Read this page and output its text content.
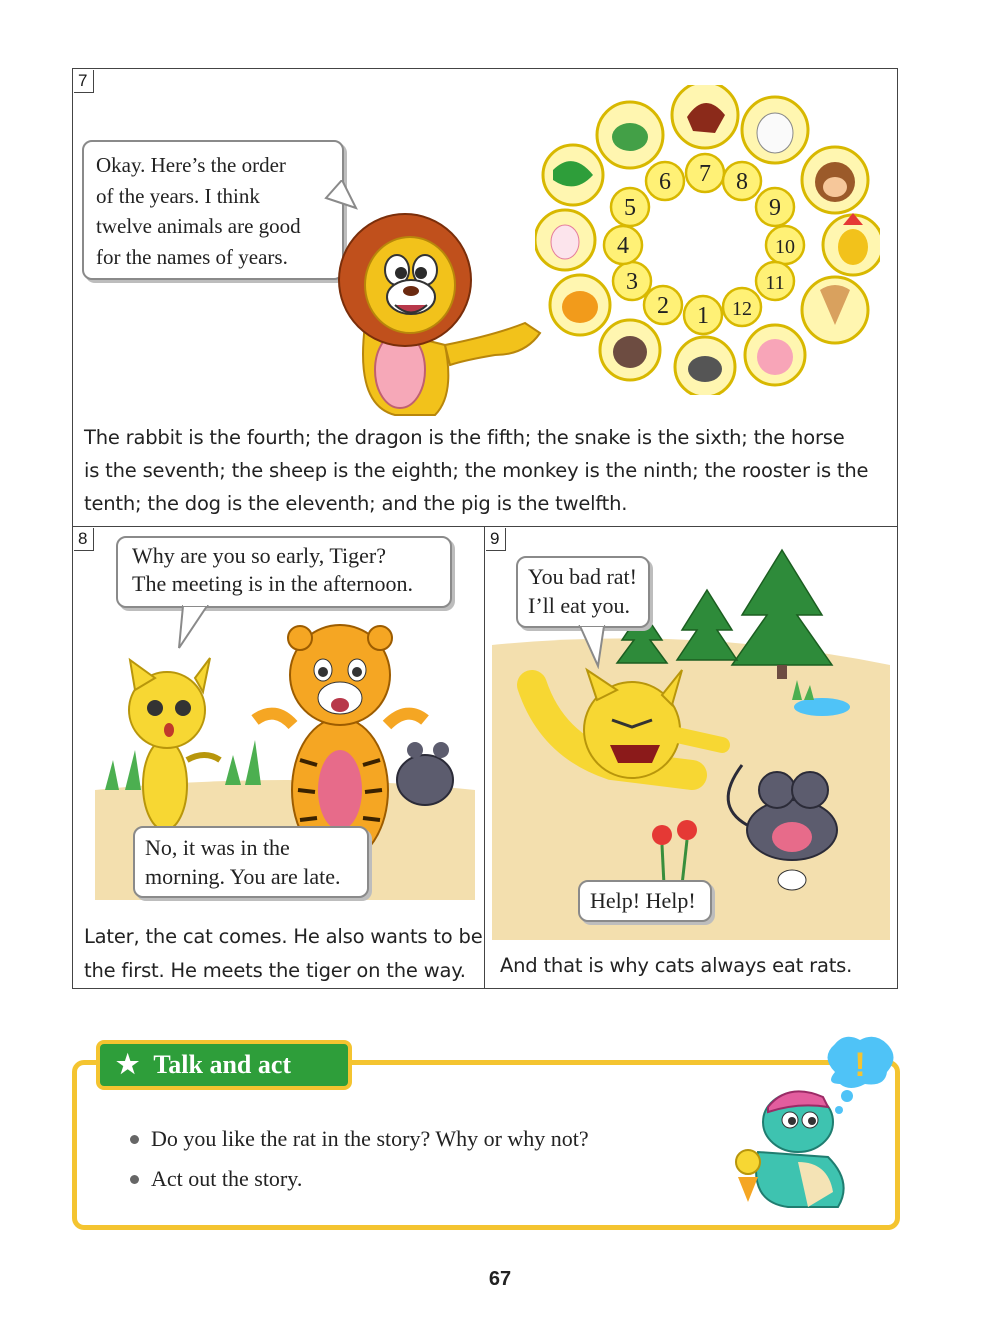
7
Okay. Here’s the order
of the years. I think
twelve animals are good
for the names of years.
1
2
3
4
5
6 7 8
9
10
11
12
The rabbit is the fourth; the dragon is the fifth; the snake is the sixth; the horse
is the seventh; the sheep is the eighth; the monkey is the ninth; the rooster is the
tenth; the dog is the eleventh; and the pig is the twelfth.
8
Why are you so early, Tiger?
The meeting is in the afternoon.
No, it was in the
morning. You are late.
Later, the cat comes. He also wants to be
the first. He meets the tiger on the way.
9
You bad rat!
I’ll eat you.
Help! Help!
And that is why cats always eat rats.
★ Talk and act
Do you like the rat in the story? Why or why not?
Act out the story.
!
67
